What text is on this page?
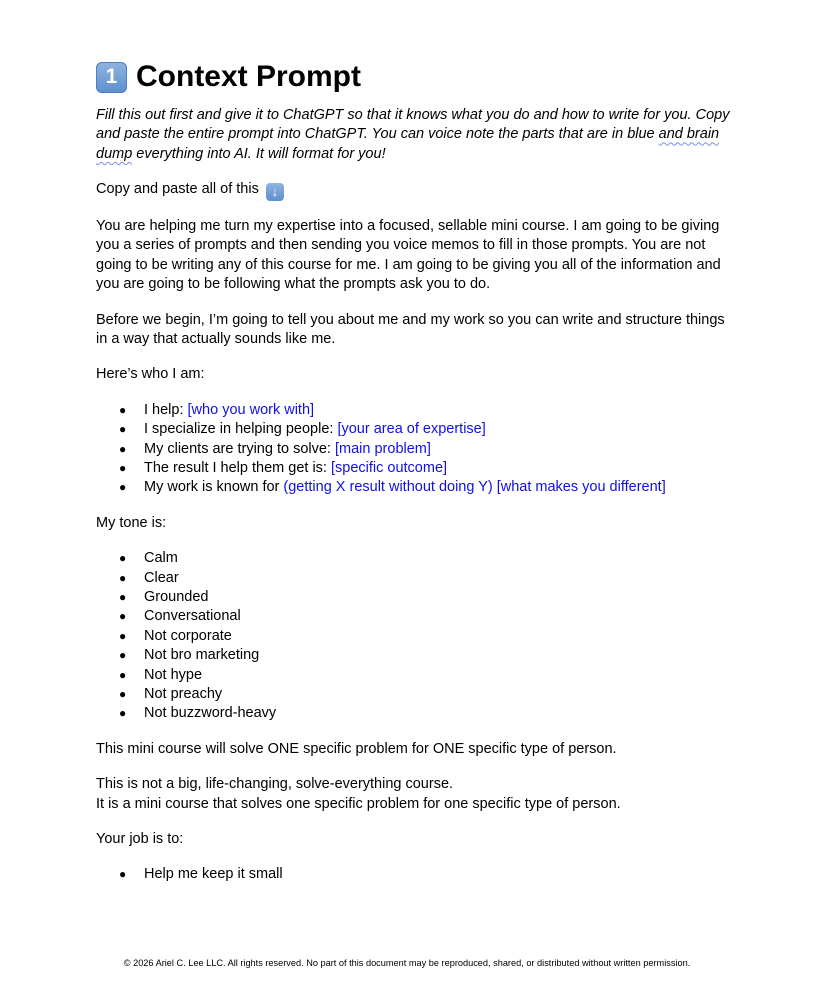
1 Context Prompt

Fill this out first and give it to ChatGPT so that it knows what you do and how to write for you. Copy and paste the entire prompt into ChatGPT. You can voice note the parts that are in blue and brain dump everything into AI. It will format for you!

Copy and paste all of this ↓

You are helping me turn my expertise into a focused, sellable mini course. I am going to be giving you a series of prompts and then sending you voice memos to fill in those prompts. You are not going to be writing any of this course for me. I am going to be giving you all of the information and you are going to be following what the prompts ask you to do.

Before we begin, I’m going to tell you about me and my work so you can write and structure things in a way that actually sounds like me.

Here’s who I am:

● I help: [who you work with]
● I specialize in helping people: [your area of expertise]
● My clients are trying to solve: [main problem]
● The result I help them get is: [specific outcome]
● My work is known for (getting X result without doing Y) [what makes you different]

My tone is:

● Calm
● Clear
● Grounded
● Conversational
● Not corporate
● Not bro marketing
● Not hype
● Not preachy
● Not buzzword-heavy

This mini course will solve ONE specific problem for ONE specific type of person.

This is not a big, life-changing, solve-everything course.
It is a mini course that solves one specific problem for one specific type of person.

Your job is to:

● Help me keep it small
© 2026 Ariel C. Lee LLC. All rights reserved. No part of this document may be reproduced, shared, or distributed without written permission.
